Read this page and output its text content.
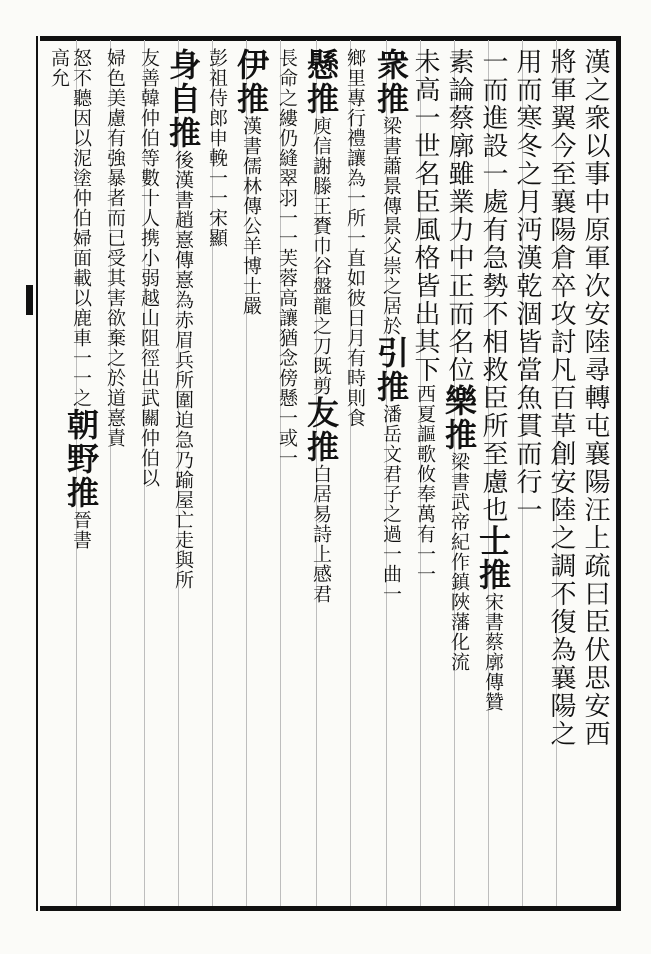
漢之衆以事中原軍次安陸尋轉屯襄陽汪上疏曰臣伏思安西
將軍翼今至襄陽倉卒攻討凡百草創安陸之調不復為襄陽之
用而寒冬之月沔漢乾涸皆當魚貫而行一
一而進設一處有急勢不相救臣所至慮也士推宋書蔡廓傳贊
素論蔡廓雖業力中正而名位樂推梁書武帝紀作鎮陜藩化流
未高一世名臣風格皆出其下西夏謳歌攸奉萬有一一
衆推梁書蕭景傳景父崇之居於引推潘岳文君子之過一曲一
鄉里專行禮讓為一所一直如彼日月有時則食
懸推庾信謝滕王賚巾谷盤龍之刀既剪友推白居易詩上感君
長命之縷仍縫翠羽一一芙蓉高讓猶念傍懸一或一
伊推漢書儒林傳公羊博士嚴
彭祖侍郎申輓一一宋顯
身自推後漢書趙憙傳憙為赤眉兵所圍迫急乃踰屋亡走與所
友善韓仲伯等數十人携小弱越山阻徑出武關仲伯以
婦色美慮有強暴者而已受其害欲棄之於道憙責
怒不聽因以泥塗仲伯婦面載以鹿車一一之朝野推晉書
高允
